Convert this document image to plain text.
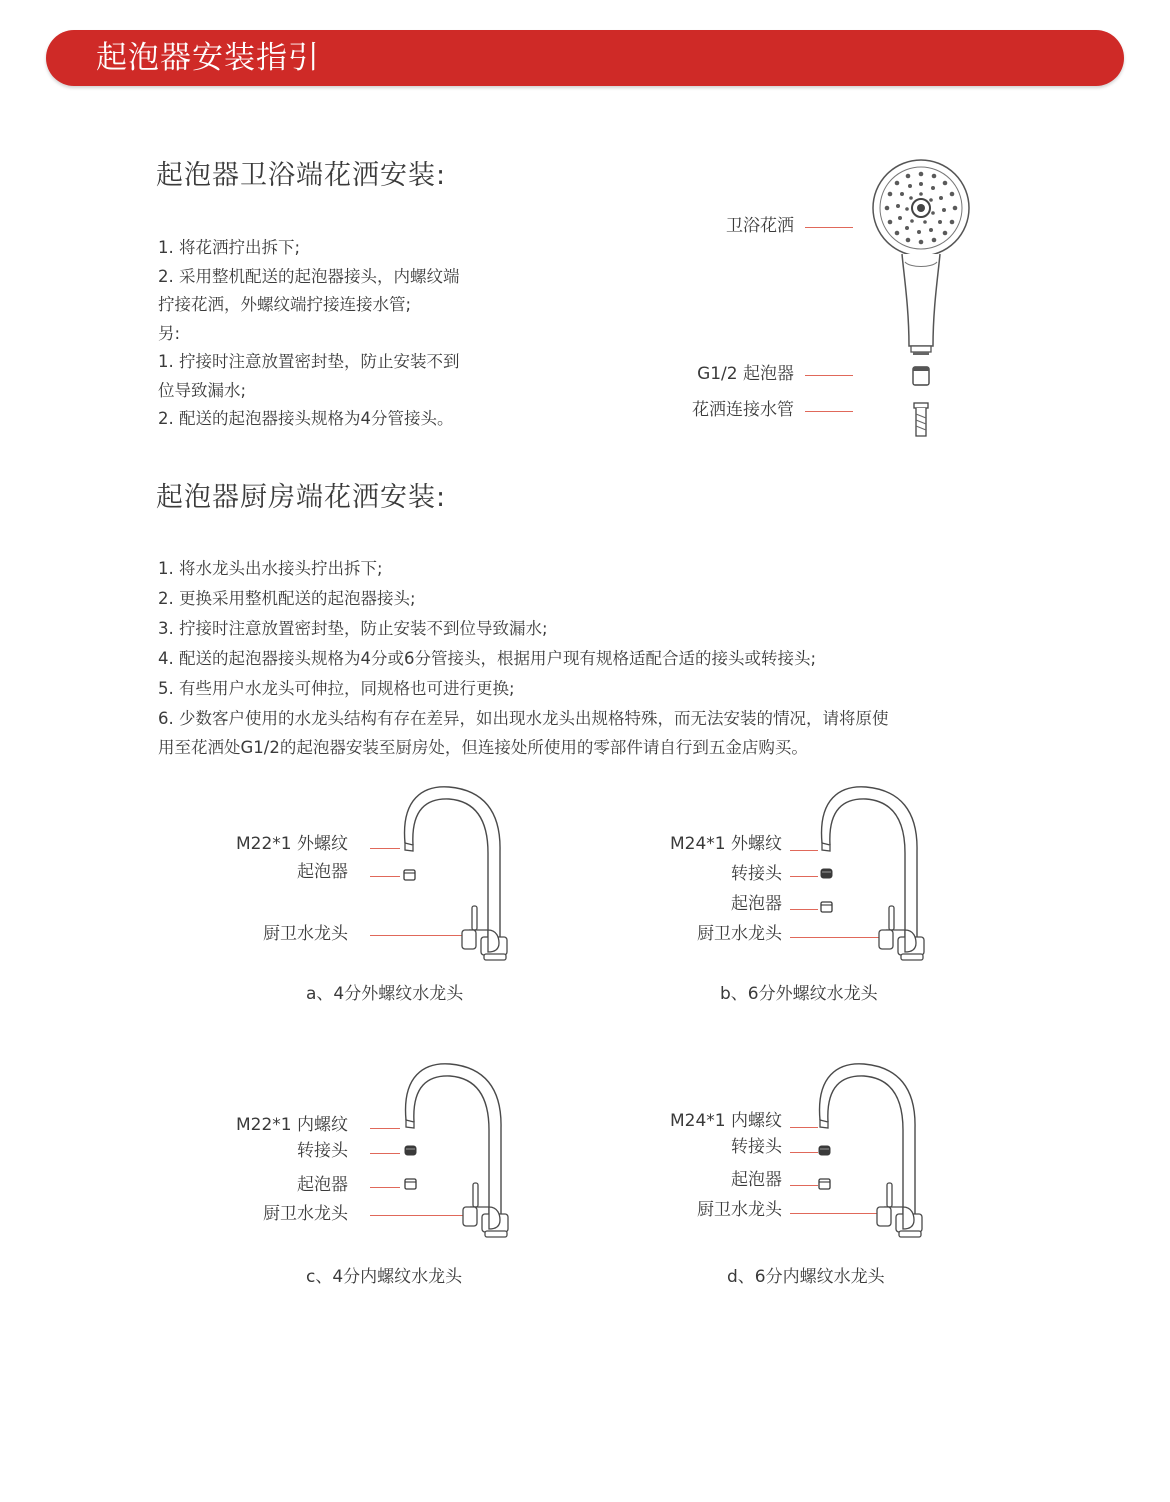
起泡器安装指引
起泡器卫浴端花洒安装:
1. 将花洒拧出拆下;
2. 采用整机配送的起泡器接头，内螺纹端
拧接花洒，外螺纹端拧接连接水管;
另:
1. 拧接时注意放置密封垫，防止安装不到
位导致漏水;
2. 配送的起泡器接头规格为4分管接头。
卫浴花洒
G1/2 起泡器
花洒连接水管
起泡器厨房端花洒安装:
1. 将水龙头出水接头拧出拆下;
2. 更换采用整机配送的起泡器接头;
3. 拧接时注意放置密封垫，防止安装不到位导致漏水;
4. 配送的起泡器接头规格为4分或6分管接头，根据用户现有规格适配合适的接头或转接头;
5. 有些用户水龙头可伸拉，同规格也可进行更换;
6. 少数客户使用的水龙头结构有存在差异，如出现水龙头出规格特殊，而无法安装的情况，请将原使
用至花洒处G1/2的起泡器安装至厨房处，但连接处所使用的零部件请自行到五金店购买。
M22*1 外螺纹
起泡器
厨卫水龙头
a、4分外螺纹水龙头
M24*1 外螺纹
转接头
起泡器
厨卫水龙头
b、6分外螺纹水龙头
M22*1 内螺纹
转接头
起泡器
厨卫水龙头
c、4分内螺纹水龙头
M24*1 内螺纹
转接头
起泡器
厨卫水龙头
d、6分内螺纹水龙头
